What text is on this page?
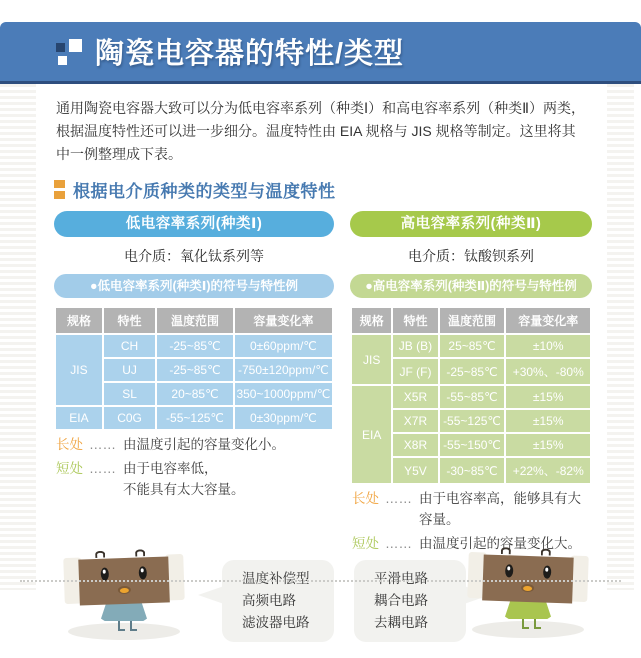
陶瓷电容器的特性/类型

通用陶瓷电容器大致可以分为低电容率系列（种类Ⅰ）和高电容率系列（种类Ⅱ）两类，根据温度特性还可以进一步细分。温度特性由 EIA 规格与 JIS 规格等制定。这里将其中一例整理成下表。

根据电介质种类的类型与温度特性
低电容率系列(种类Ⅰ)
电介质：氧化钛系列等
●低电容率系列(种类Ⅰ)的符号与特性例
规格	特性	温度范围	容量变化率
JIS	CH	-25~85℃	0±60ppm/℃
	UJ	-25~85℃	-750±120ppm/℃
	SL	20~85℃	350~1000ppm/℃
EIA	C0G	-55~125℃	0±30ppm/℃
长处 …… 由温度引起的容量变化小。
短处 …… 由于电容率低，
不能具有太大容量。
温度补偿型
高频电路
滤波器电路
高电容率系列(种类Ⅱ)
电介质：钛酸钡系列
●高电容率系列(种类Ⅱ)的符号与特性例
规格	特性	温度范围	容量变化率
JIS	JB (B)	25~85℃	±10%
	JF (F)	-25~85℃	+30%、-80%
EIA	X5R	-55~85℃	±15%
	X7R	-55~125℃	±15%
	X8R	-55~150℃	±15%
	Y5V	-30~85℃	+22%、-82%
长处 …… 由于电容率高，能够具有大容量。
短处 …… 由温度引起的容量变化大。
平滑电路
耦合电路
去耦电路
